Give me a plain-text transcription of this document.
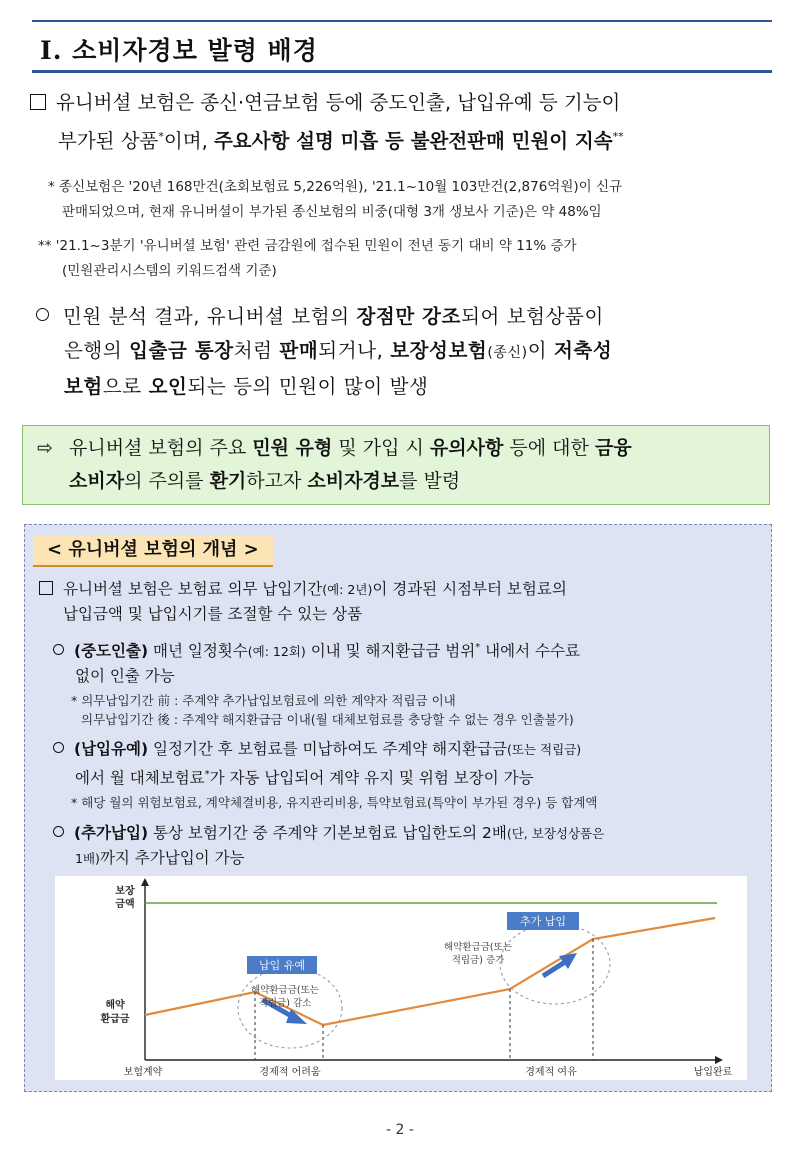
Ⅰ. 소비자경보 발령 배경
유니버셜 보험은 종신·연금보험 등에 중도인출, 납입유예 등 기능이
부가된 상품*이며, 주요사항 설명 미흡 등 불완전판매 민원이 지속**
* 종신보험은 '20년 168만건(초회보험료 5,226억원), '21.1~10월 103만건(2,876억원)이 신규
판매되었으며, 현재 유니버셜이 부가된 종신보험의 비중(대형 3개 생보사 기준)은 약 48%임
** '21.1~3분기 '유니버셜 보험' 관련 금감원에 접수된 민원이 전년 동기 대비 약 11% 증가
(민원관리시스템의 키워드검색 기준)
민원 분석 결과, 유니버셜 보험의 장점만 강조되어 보험상품이
은행의 입출금 통장처럼 판매되거나, 보장성보험(종신)이 저축성
보험으로 오인되는 등의 민원이 많이 발생
⇨ 유니버셜 보험의 주요 민원 유형 및 가입 시 유의사항 등에 대한 금융
소비자의 주의를 환기하고자 소비자경보를 발령
< 유니버셜 보험의 개념 >
유니버셜 보험은 보험료 의무 납입기간(예: 2년)이 경과된 시점부터 보험료의
납입금액 및 납입시기를 조절할 수 있는 상품
(중도인출) 매년 일정횟수(예: 12회) 이내 및 해지환급금 범위* 내에서 수수료
없이 인출 가능
* 의무납입기간 前 : 주계약 추가납입보험료에 의한 계약자 적립금 이내
의무납입기간 後 : 주계약 해지환급금 이내(월 대체보험료를 충당할 수 없는 경우 인출불가)
(납입유예) 일정기간 후 보험료를 미납하여도 주계약 해지환급금(또는 적립금)
에서 월 대체보험료*가 자동 납입되어 계약 유지 및 위험 보장이 가능
* 해당 월의 위험보험료, 계약체결비용, 유지관리비용, 특약보험료(특약이 부가된 경우) 등 합계액
(추가납입) 통상 보험기간 중 주계약 기본보험료 납입한도의 2배(단, 보장성상품은
1배)까지 추가납입이 가능
납입 유예
추가 납입
해약환급금(또는
적립금) 감소
해약환급금(또는
적립금) 증가
보장
금액
해약
환급금
보험계약	경제적 어려움	경제적 여유	납입완료
- 2 -
